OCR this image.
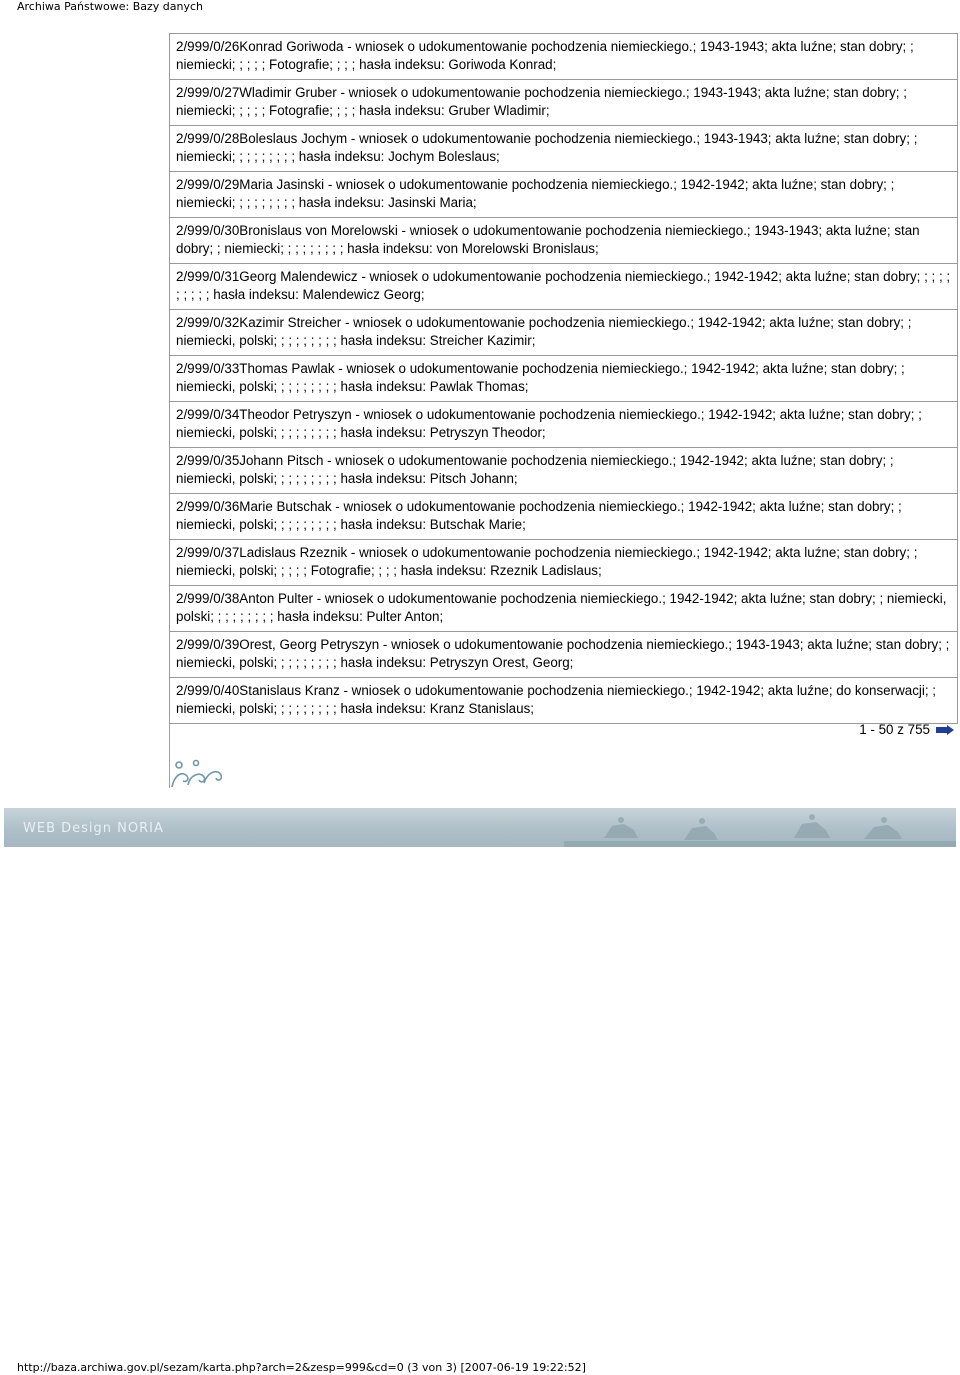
Archiwa Państwowe: Bazy danych
2/999/0/26Konrad Goriwoda - wniosek o udokumentowanie pochodzenia niemieckiego.; 1943-1943; akta luźne; stan dobry; ; niemiecki; ; ; ; ; Fotografie; ; ; ; hasła indeksu: Goriwoda Konrad;
2/999/0/27Wladimir Gruber - wniosek o udokumentowanie pochodzenia niemieckiego.; 1943-1943; akta luźne; stan dobry; ; niemiecki; ; ; ; ; Fotografie; ; ; ; hasła indeksu: Gruber Wladimir;
2/999/0/28Boleslaus Jochym - wniosek o udokumentowanie pochodzenia niemieckiego.; 1943-1943; akta luźne; stan dobry; ; niemiecki; ; ; ; ; ; ; ; ; hasła indeksu: Jochym Boleslaus;
2/999/0/29Maria Jasinski - wniosek o udokumentowanie pochodzenia niemieckiego.; 1942-1942; akta luźne; stan dobry; ; niemiecki; ; ; ; ; ; ; ; ; hasła indeksu: Jasinski Maria;
2/999/0/30Bronislaus von Morelowski - wniosek o udokumentowanie pochodzenia niemieckiego.; 1943-1943; akta luźne; stan dobry; ; niemiecki; ; ; ; ; ; ; ; ; hasła indeksu: von Morelowski Bronislaus;
2/999/0/31Georg Malendewicz - wniosek o udokumentowanie pochodzenia niemieckiego.; 1942-1942; akta luźne; stan dobry; ; ; ; ; ; ; ; ; ; hasła indeksu: Malendewicz Georg;
2/999/0/32Kazimir Streicher - wniosek o udokumentowanie pochodzenia niemieckiego.; 1942-1942; akta luźne; stan dobry; ; niemiecki, polski; ; ; ; ; ; ; ; ; hasła indeksu: Streicher Kazimir;
2/999/0/33Thomas Pawlak - wniosek o udokumentowanie pochodzenia niemieckiego.; 1942-1942; akta luźne; stan dobry; ; niemiecki, polski; ; ; ; ; ; ; ; ; hasła indeksu: Pawlak Thomas;
2/999/0/34Theodor Petryszyn - wniosek o udokumentowanie pochodzenia niemieckiego.; 1942-1942; akta luźne; stan dobry; ; niemiecki, polski; ; ; ; ; ; ; ; ; hasła indeksu: Petryszyn Theodor;
2/999/0/35Johann Pitsch - wniosek o udokumentowanie pochodzenia niemieckiego.; 1942-1942; akta luźne; stan dobry; ; niemiecki, polski; ; ; ; ; ; ; ; ; hasła indeksu: Pitsch Johann;
2/999/0/36Marie Butschak - wniosek o udokumentowanie pochodzenia niemieckiego.; 1942-1942; akta luźne; stan dobry; ; niemiecki, polski; ; ; ; ; ; ; ; ; hasła indeksu: Butschak Marie;
2/999/0/37Ladislaus Rzeznik - wniosek o udokumentowanie pochodzenia niemieckiego.; 1942-1942; akta luźne; stan dobry; ; niemiecki, polski; ; ; ; ; Fotografie; ; ; ; hasła indeksu: Rzeznik Ladislaus;
2/999/0/38Anton Pulter - wniosek o udokumentowanie pochodzenia niemieckiego.; 1942-1942; akta luźne; stan dobry; ; niemiecki, polski; ; ; ; ; ; ; ; ; hasła indeksu: Pulter Anton;
2/999/0/39Orest, Georg Petryszyn - wniosek o udokumentowanie pochodzenia niemieckiego.; 1943-1943; akta luźne; stan dobry; ; niemiecki, polski; ; ; ; ; ; ; ; ; hasła indeksu: Petryszyn Orest, Georg;
2/999/0/40Stanislaus Kranz - wniosek o udokumentowanie pochodzenia niemieckiego.; 1942-1942; akta luźne; do konserwacji; ; niemiecki, polski; ; ; ; ; ; ; ; ; hasła indeksu: Kranz Stanislaus;
1 - 50 z 755
WEB Design NORIA
http://baza.archiwa.gov.pl/sezam/karta.php?arch=2&zesp=999&cd=0 (3 von 3) [2007-06-19 19:22:52]
